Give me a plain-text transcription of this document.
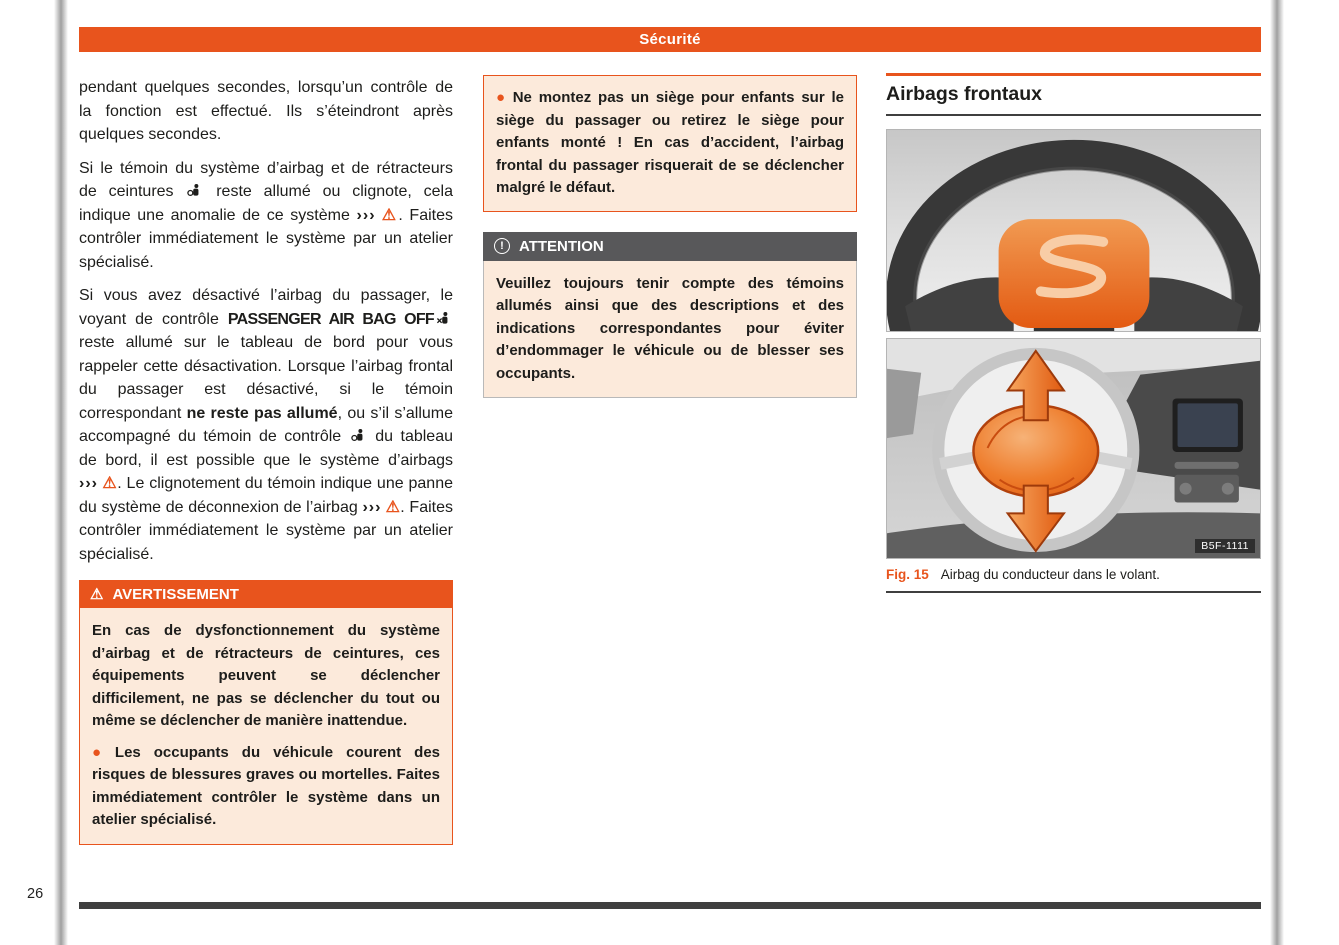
Sécurité

pendant quelques secondes, lorsqu’un contrôle de la fonction est effectué. Ils s’éteindront après quelques secondes.

Si le témoin du système d’airbag et de rétracteurs de ceintures  reste allumé ou clignote, cela indique une anomalie de ce système ››› ⚠. Faites contrôler immédiatement le système par un atelier spécialisé.

Si vous avez désactivé l’airbag du passager, le voyant de contrôle PASSENGER AIR BAG OFF reste allumé sur le tableau de bord pour vous rappeler cette désactivation. Lorsque l’airbag frontal du passager est désactivé, si le témoin correspondant ne reste pas allumé, ou s’il s’allume accompagné du témoin de contrôle  du tableau de bord, il est possible que le système d’airbags ››› ⚠. Le clignotement du témoin indique une panne du système de déconnexion de l’airbag ››› ⚠. Faites contrôler immédiatement le système par un atelier spécialisé.

⚠ AVERTISSEMENT

En cas de dysfonctionnement du système d’airbag et de rétracteurs de ceintures, ces équipements peuvent se déclencher difficilement, ne pas se déclencher du tout ou même se déclencher de manière inattendue.

● Les occupants du véhicule courent des risques de blessures graves ou mortelles. Faites immédiatement contrôler le système dans un atelier spécialisé.

● Ne montez pas un siège pour enfants sur le siège du passager ou retirez le siège pour enfants monté ! En cas d’accident, l’airbag frontal du passager risquerait de se déclencher malgré le défaut.

! ATTENTION

Veuillez toujours tenir compte des témoins allumés ainsi que des descriptions et des indications correspondantes pour éviter d’endommager le véhicule ou de blesser ses occupants.

Airbags frontaux
B5F-1111
Fig. 15 Airbag du conducteur dans le volant.
26
